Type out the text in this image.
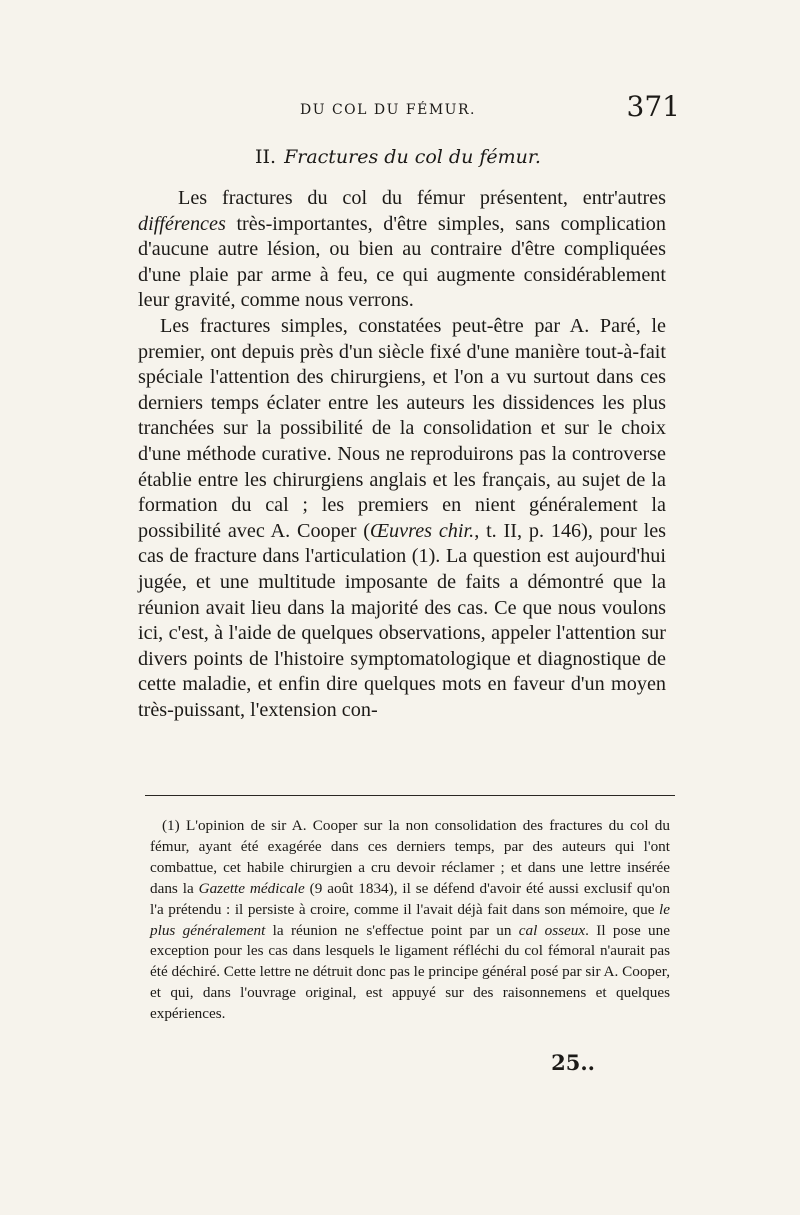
DU COL DU FÉMUR.	371
II. Fractures du col du fémur.

Les fractures du col du fémur présentent, entr'autres différences très-importantes, d'être simples, sans complication d'aucune autre lésion, ou bien au contraire d'être compliquées d'une plaie par arme à feu, ce qui augmente considérablement leur gravité, comme nous verrons.

Les fractures simples, constatées peut-être par A. Paré, le premier, ont depuis près d'un siècle fixé d'une manière tout-à-fait spéciale l'attention des chirurgiens, et l'on a vu surtout dans ces derniers temps éclater entre les auteurs les dissidences les plus tranchées sur la possibilité de la consolidation et sur le choix d'une méthode curative. Nous ne reproduirons pas la controverse établie entre les chirurgiens anglais et les français, au sujet de la formation du cal ; les premiers en nient généralement la possibilité avec A. Cooper (Œuvres chir., t. II, p. 146), pour les cas de fracture dans l'articulation (1). La question est aujourd'hui jugée, et une multitude imposante de faits a démontré que la réunion avait lieu dans la majorité des cas. Ce que nous voulons ici, c'est, à l'aide de quelques observations, appeler l'attention sur divers points de l'histoire symptomatologique et diagnostique de cette maladie, et enfin dire quelques mots en faveur d'un moyen très-puissant, l'extension con-

(1) L'opinion de sir A. Cooper sur la non consolidation des fractures du col du fémur, ayant été exagérée dans ces derniers temps, par des auteurs qui l'ont combattue, cet habile chirurgien a cru devoir réclamer ; et dans une lettre insérée dans la Gazette médicale (9 août 1834), il se défend d'avoir été aussi exclusif qu'on l'a prétendu : il persiste à croire, comme il l'avait déjà fait dans son mémoire, que le plus généralement la réunion ne s'effectue point par un cal osseux. Il pose une exception pour les cas dans lesquels le ligament réfléchi du col fémoral n'aurait pas été déchiré. Cette lettre ne détruit donc pas le principe général posé par sir A. Cooper, et qui, dans l'ouvrage original, est appuyé sur des raisonnemens et quelques expériences.

25..
